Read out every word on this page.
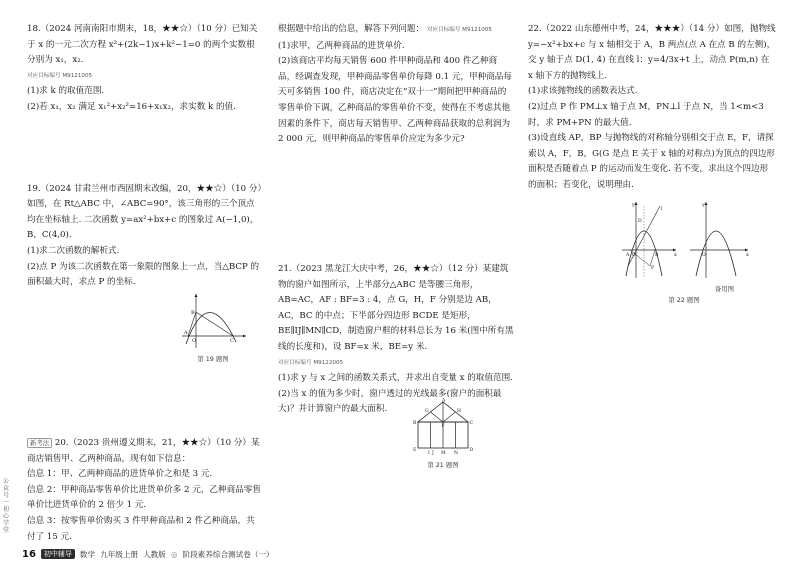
18.（2024 河南南阳市期末，18，★★☆）（10 分）已知关于 x 的一元二次方程 x²+(2k−1)x+k²−1=0 的两个实数根分别为 x₁，x₂.

对应目标编号 M9121005

(1)求 k 的取值范围.

(2)若 x₁，x₂ 满足 x₁²+x₂²=16+x₁x₂，求实数 k 的值.

19.（2024 甘肃兰州市西固期末改编，20，★★☆）（10 分）如图，在 Rt△ABC 中，∠ABC=90°，该三角形的三个顶点均在坐标轴上. 二次函数 y=ax²+bx+c 的图象过 A(−1,0)，B，C(4,0).

(1)求二次函数的解析式.

(2)点 P 为该二次函数在第一象限的图象上一点，当△BCP 的面积最大时，求点 P 的坐标.

A
B
C
O
第 19 题图

新考法 20.（2023 贵州遵义期末，21，★★☆）（10 分）某商店销售甲、乙两种商品，现有如下信息：

信息 1：甲、乙两种商品的进货单价之和是 3 元.

信息 2：甲种商品零售单价比进货单价多 2 元，乙种商品零售单价比进货单价的 2 倍少 1 元.

信息 3：按零售单价购买 3 件甲种商品和 2 件乙种商品，共付了 15 元.

根据题中给出的信息，解答下列问题： 对应目标编号 M9121005

(1)求甲，乙两种商品的进货单价.

(2)该商店平均每天销售 600 件甲种商品和 400 件乙种商品，经调查发现，甲种商品零售单价每降 0.1 元，甲种商品每天可多销售 100 件，商店决定在“双十一”期间把甲种商品的零售单价下调，乙种商品的零售单价不变，使得在不考虑其他因素的条件下，商店每天销售甲、乙两种商品获取的总利润为 2 000 元，则甲种商品的零售单价应定为多少元?

21.（2023 黑龙江大庆中考，26，★★☆）（12 分）某建筑物的窗户如图所示，上半部分△ABC 是等腰三角形，AB=AC，AF : BF=3 : 4，点 G，H，F 分别是边 AB，AC，BC 的中点；下半部分四边形 BCDE 是矩形，BE∥IJ∥MN∥CD，制造窗户框的材料总长为 16 米(图中所有黑线的长度和)，设 BF=x 米，BE=y 米.

对应目标编号 M9122005

(1)求 y 与 x 之间的函数关系式，并求出自变量 x 的取值范围.

(2)当 x 的值为多少时，窗户透过的光线最多(窗户的面积最大)？并计算窗户的最大面积.

A
G	H
B	C
F
E	D
I M N
J
第 21 题图

22.（2022 山东德州中考，24，★★★）（14 分）如图，抛物线 y=−x²+bx+c 与 x 轴相交于 A，B 两点(点 A 在点 B 的左侧)，交 y 轴于点 D(1, 4) 在直线 l：y=4/3x+t 上，动点 P(m,n) 在 x 轴下方的抛物线上.

(1)求该抛物线的函数表达式.

(2)过点 P 作 PM⊥x 轴于点 M，PN⊥l 于点 N，当 1<m<3 时，求 PM+PN 的最大值.

(3)设直线 AP，BP 与抛物线的对称轴分别相交于点 E，F，请探索以 A，F，B，G(G 是点 E 关于 x 轴的对称点)为顶点的四边形面积是否随着点 P 的运动而发生变化. 若不变，求出这个四边形的面积；若变化，说明理由.

y
x
A	B
D
P
l
O
y
x
O
备用图
第 22 题图
16	初中辅导	数学 九年级上册 人教版 ◎ 阶段素养综合测试卷（一）
公众号一初心学堂
